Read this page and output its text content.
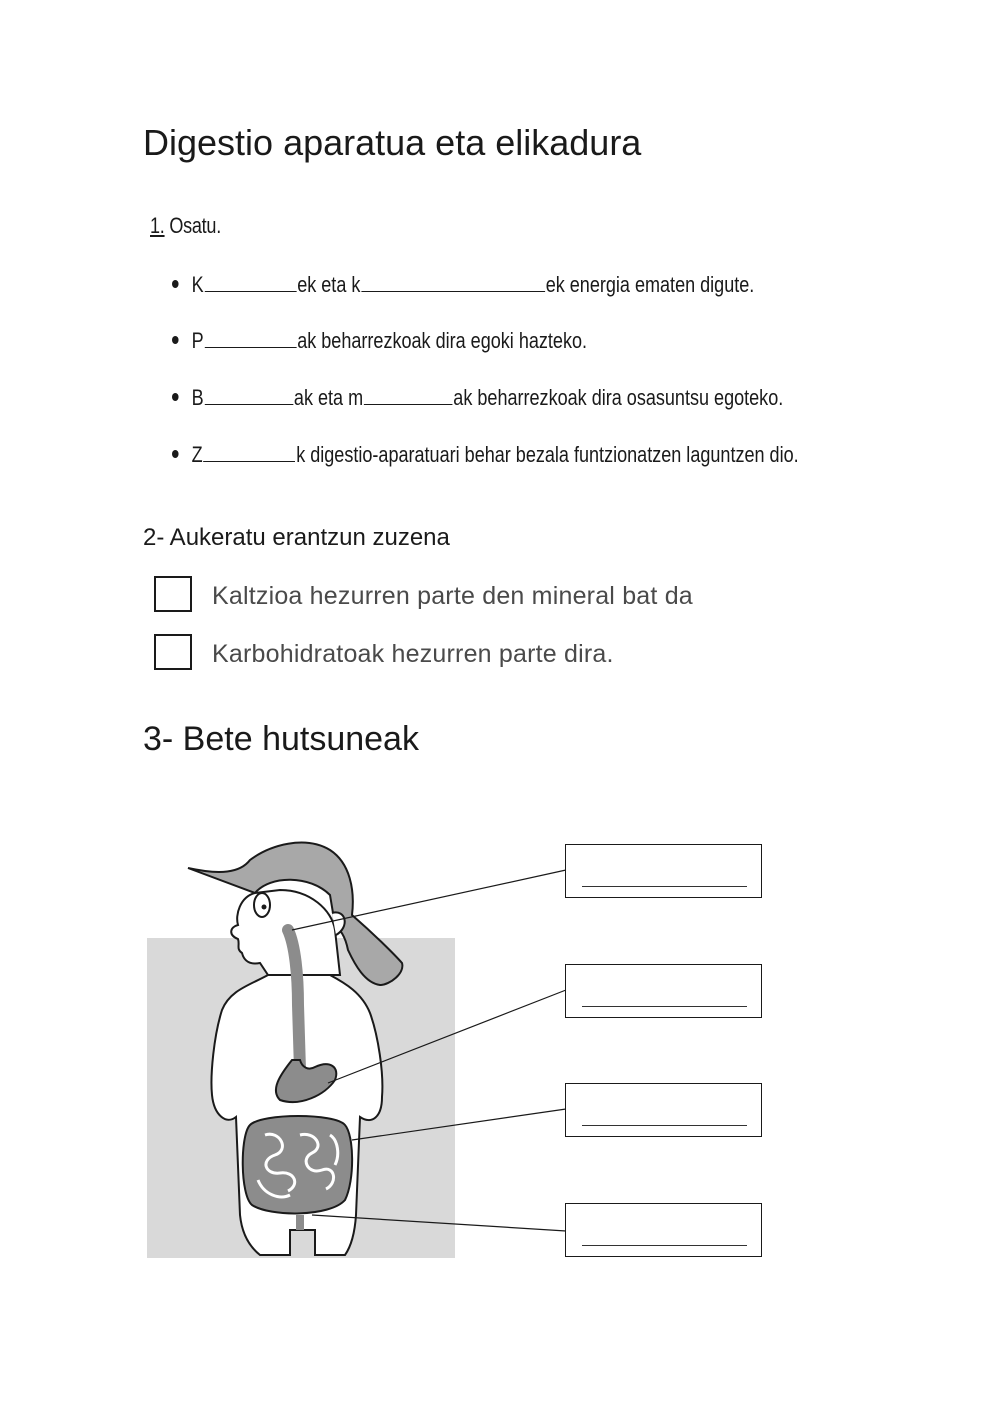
Digestio aparatua eta elikadura
1. Osatu.
K	ek eta k	ek energia ematen digute.
P	ak beharrezkoak dira egoki hazteko.
B	ak eta m	ak beharrezkoak dira osasuntsu egoteko.
Z	k digestio-aparatuari behar bezala funtzionatzen laguntzen dio.
2- Aukeratu erantzun zuzena
Kaltzioa hezurren parte den mineral bat da
Karbohidratoak hezurren parte dira.
3- Bete hutsuneak
